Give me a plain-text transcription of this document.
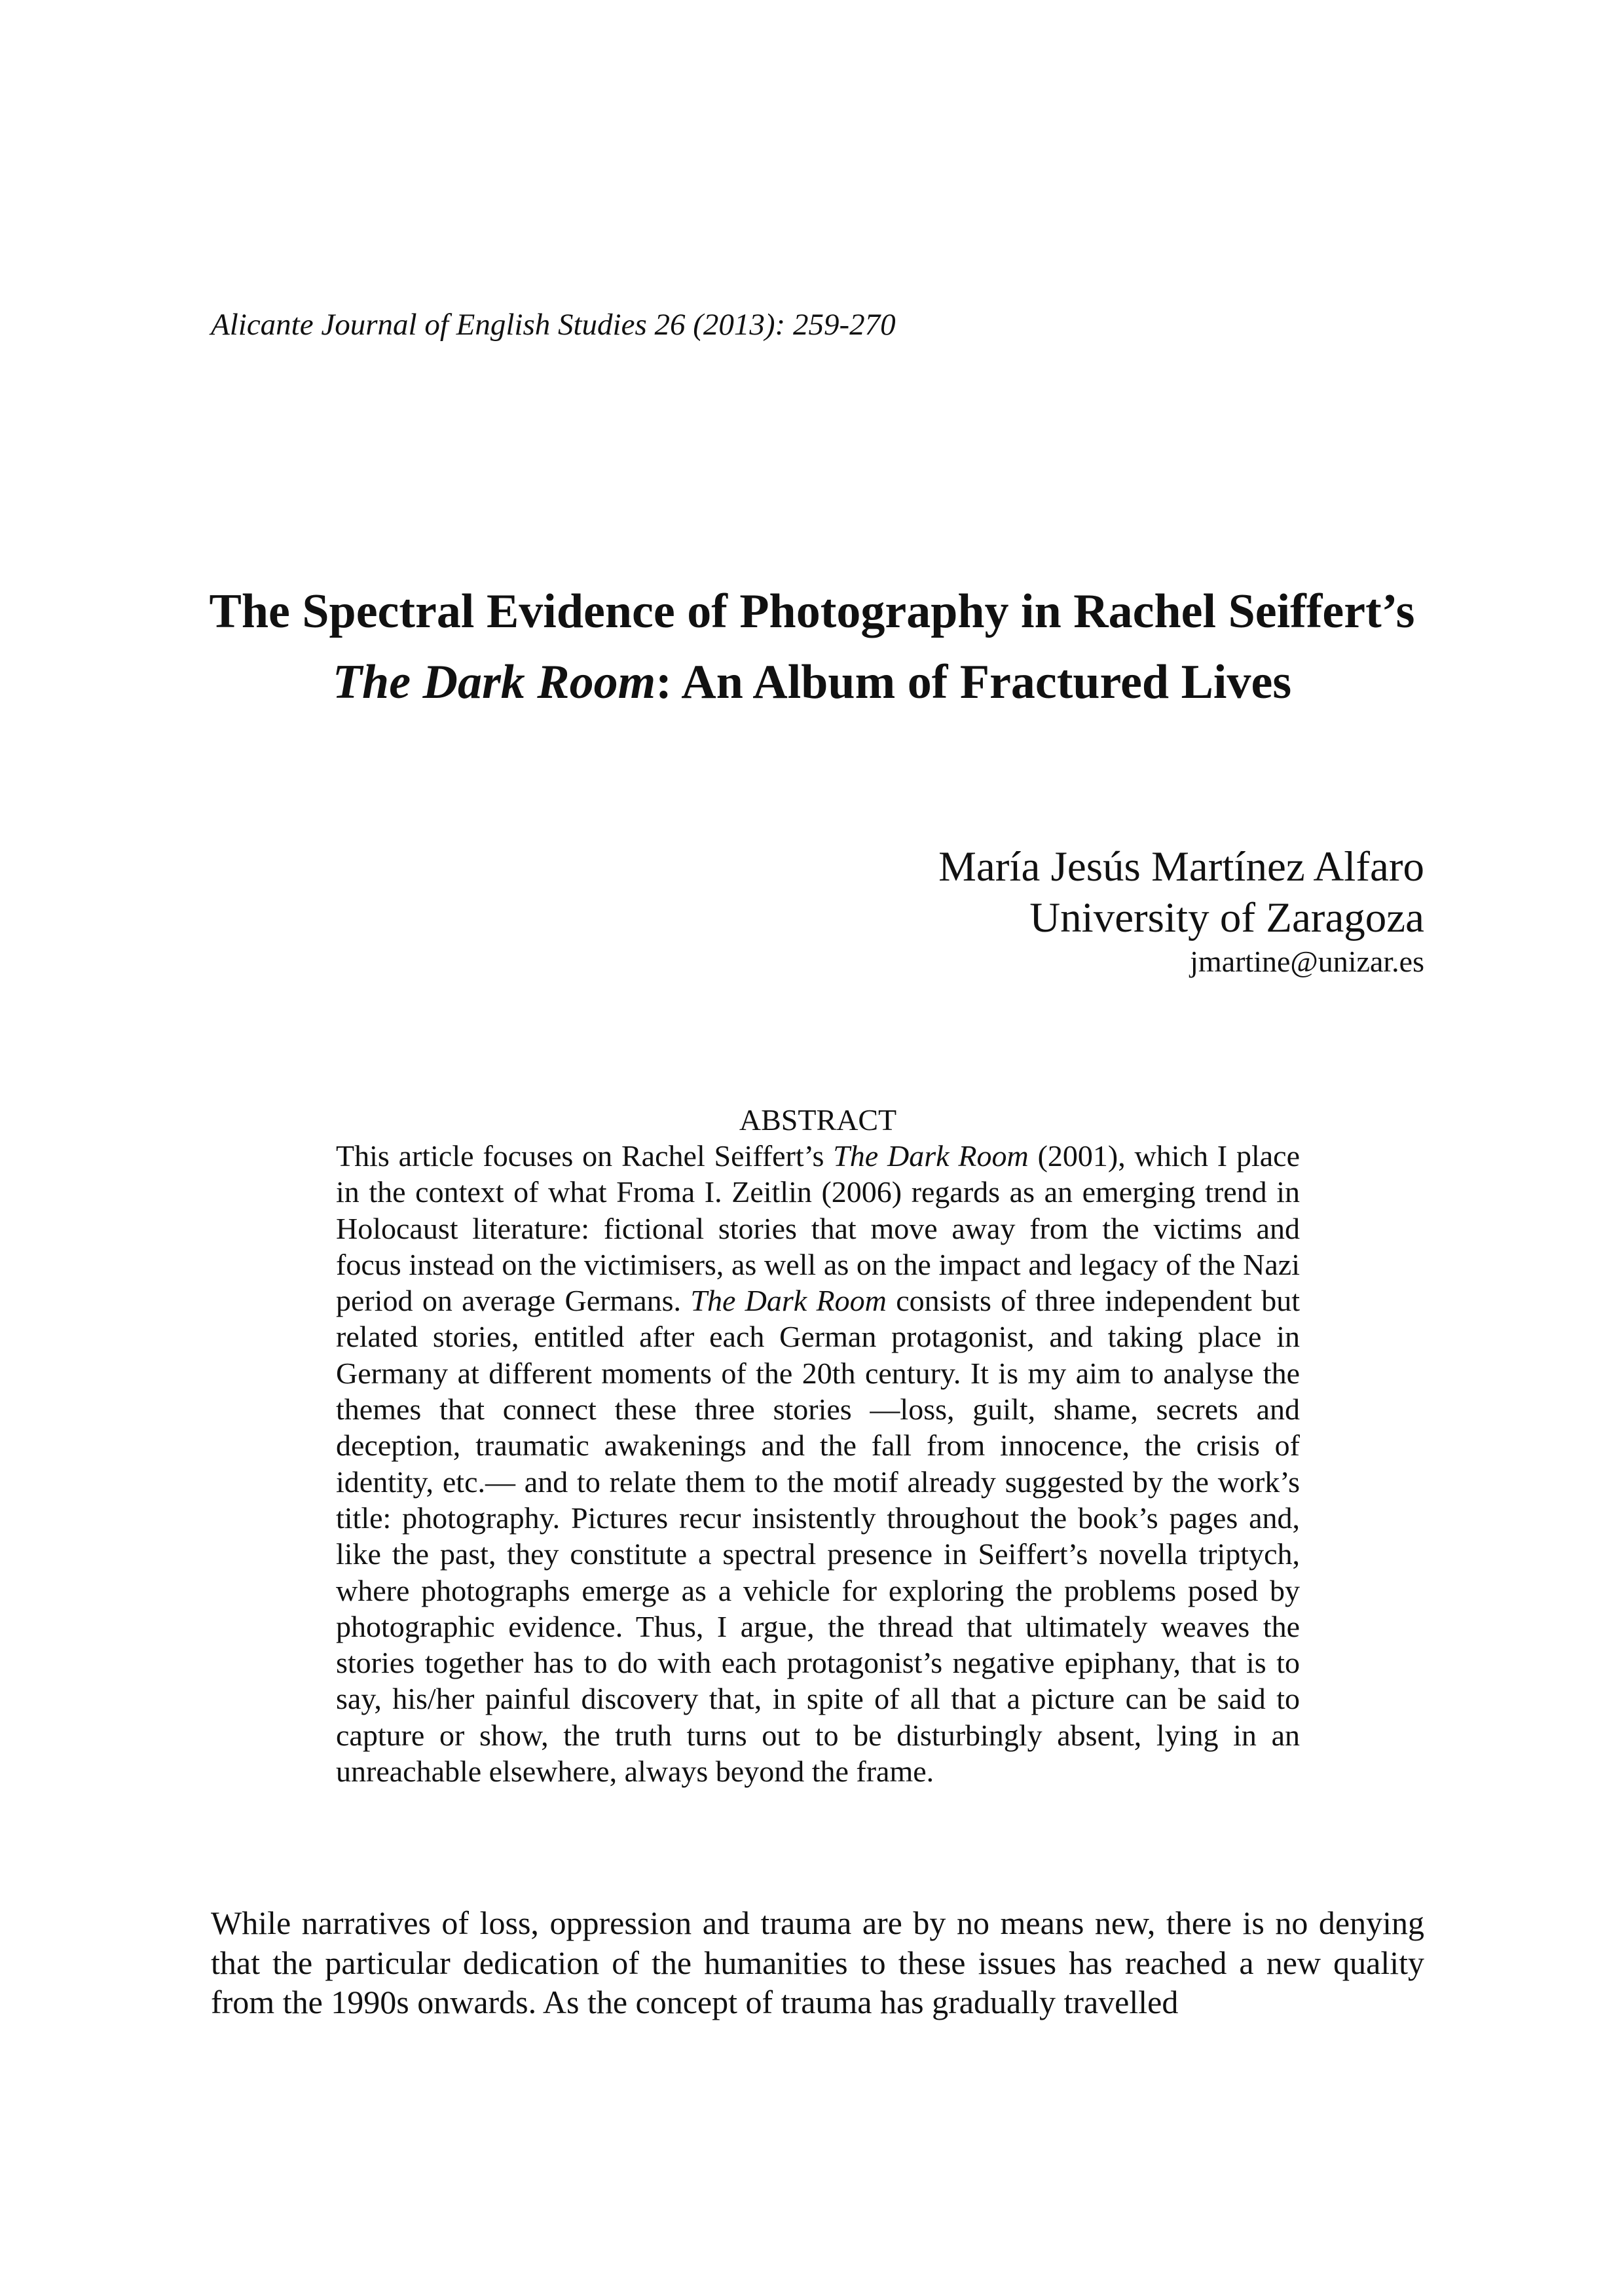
Alicante Journal of English Studies 26 (2013): 259-270
The Spectral Evidence of Photography in Rachel Seiffert’s
The Dark Room: An Album of Fractured Lives
María Jesús Martínez Alfaro
University of Zaragoza
jmartine@unizar.es
ABSTRACT
This article focuses on Rachel Seiffert’s The Dark Room (2001), which I place in the context of what Froma I. Zeitlin (2006) regards as an emerging trend in Holocaust literature: fictional stories that move away from the victims and focus instead on the victimisers, as well as on the impact and legacy of the Nazi period on average Germans. The Dark Room consists of three independent but related stories, entitled after each German protagonist, and taking place in Germany at different moments of the 20th century. It is my aim to analyse the themes that connect these three stories —loss, guilt, shame, secrets and deception, traumatic awakenings and the fall from innocence, the crisis of identity, etc.— and to relate them to the motif already suggested by the work’s title: photography. Pictures recur insistently throughout the book’s pages and, like the past, they constitute a spectral presence in Seiffert’s novella triptych, where photographs emerge as a vehicle for exploring the problems posed by photographic evidence. Thus, I argue, the thread that ultimately weaves the stories together has to do with each protagonist’s negative epiphany, that is to say, his/her painful discovery that, in spite of all that a picture can be said to capture or show, the truth turns out to be disturbingly absent, lying in an unreachable elsewhere, always beyond the frame.
While narratives of loss, oppression and trauma are by no means new, there is no denying that the particular dedication of the humanities to these issues has reached a new quality from the 1990s onwards. As the concept of trauma has gradually travelled
